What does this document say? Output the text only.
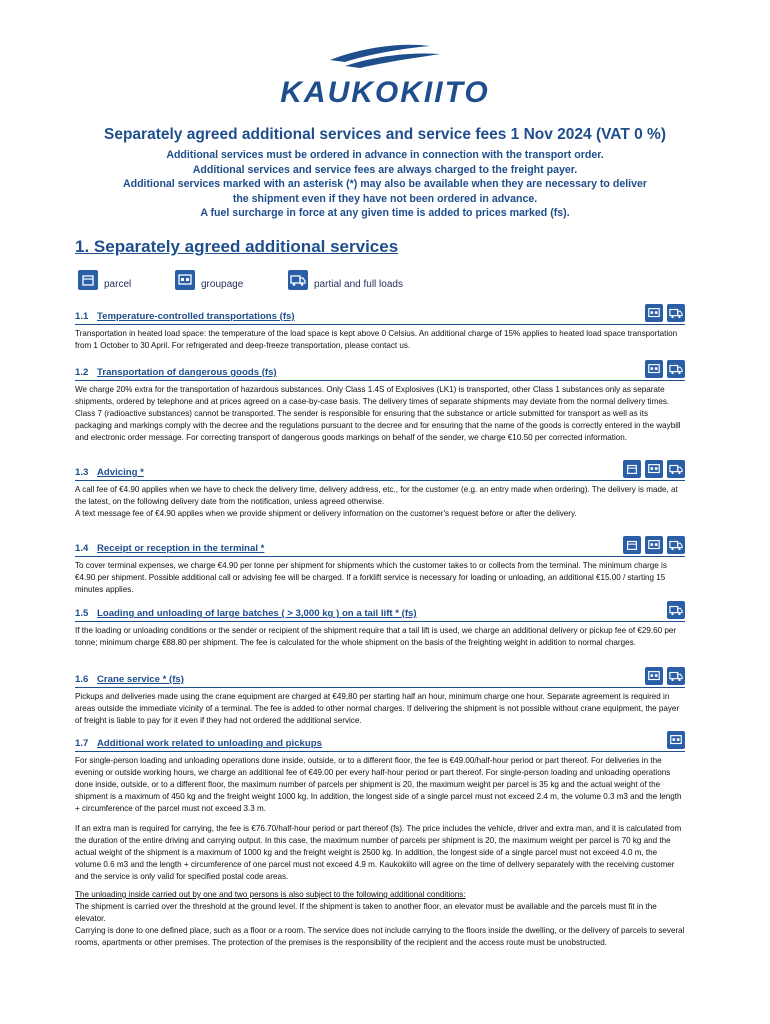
KAUKOKIITO
Separately agreed additional services and service fees 1 Nov 2024 (VAT 0 %)
Additional services must be ordered in advance in connection with the transport order.
Additional services and service fees are always charged to the freight payer.
Additional services marked with an asterisk (*) may also be available when they are necessary to deliver
the shipment even if they have not been ordered in advance.
A fuel surcharge in force at any given time is added to prices marked (fs).
1. Separately agreed additional services
parcel	groupage	partial and full loads
1.1 Temperature-controlled transportations (fs)

Transportation in heated load space: the temperature of the load space is kept above 0 Celsius. An additional charge of 15% applies to heated load space transportation from 1 October to 30 April. For refrigerated and deep-freeze transportation, please contact us.

1.2 Transportation of dangerous goods (fs)

We charge 20% extra for the transportation of hazardous substances. Only Class 1.4S of Explosives (LK1) is transported, other Class 1 substances only as separate shipments, ordered by telephone and at prices agreed on a case-by-case basis. The delivery times of separate shipments may deviate from the normal delivery times. Class 7 (radioactive substances) cannot be transported. The sender is responsible for ensuring that the substance or article submitted for transport as well as its packaging and markings comply with the decree and the regulations pursuant to the decree and for ensuring that the name of the goods is correctly entered in the waybill and electronic order message. For correcting transport of dangerous goods markings on behalf of the sender, we charge €10.50 per corrected information.

1.3 Advicing *

A call fee of €4.90 applies when we have to check the delivery time, delivery address, etc., for the customer (e.g. an entry made when ordering). The delivery is made, at the latest, on the following delivery date from the notification, unless agreed otherwise.

A text message fee of €4.90 applies when we provide shipment or delivery information on the customer's request before or after the delivery.

1.4 Receipt or reception in the terminal *

To cover terminal expenses, we charge €4.90 per tonne per shipment for shipments which the customer takes to or collects from the terminal. The minimum charge is €4.90 per shipment. Possible additional call or advising fee will be charged. If a forklift service is necessary for loading or unloading, an additional €15.00 / starting 15 minutes applies.

1.5 Loading and unloading of large batches ( > 3,000 kg ) on a tail lift * (fs)

If the loading or unloading conditions or the sender or recipient of the shipment require that a tail lift is used, we charge an additional delivery or pickup fee of €29.60 per tonne; minimum charge €88.80 per shipment. The fee is calculated for the whole shipment on the basis of the freighting weight in addition to normal charges.

1.6 Crane service * (fs)

Pickups and deliveries made using the crane equipment are charged at €49,80 per starting half an hour, minimum charge one hour. Separate agreement is required in areas outside the immediate vicinity of a terminal. The fee is added to other normal charges. If delivering the shipment is not possible without crane equipment, the payer of freight is liable to pay for it even if they had not ordered the additional service.

1.7 Additional work related to unloading and pickups

For single-person loading and unloading operations done inside, outside, or to a different floor, the fee is €49.00/half-hour period or part thereof. For deliveries in the evening or outside working hours, we charge an additional fee of €49.00 per every half-hour period or part thereof. For single-person loading and unloading operations done inside, outside, or to a different floor, the maximum number of parcels per shipment is 20, the maximum weight per parcel is 35 kg and the actual weight of the shipment is a maximum of 450 kg and the freight weight 1000 kg. In addition, the longest side of a single parcel must not exceed 2.4 m, the volume 0.3 m3 and the length + circumference of the parcel must not exceed 3.3 m.

If an extra man is required for carrying, the fee is €76.70/half-hour period or part thereof (fs). The price includes the vehicle, driver and extra man, and it is calculated from the duration of the entire driving and carrying output. In this case, the maximum number of parcels per shipment is 20, the maximum weight per parcel is 70 kg and the actual weight of the shipment is a maximum of 1000 kg and the freight weight is 2500 kg. In addition, the longest side of a single parcel must not exceed 4.0 m, the volume 0.6 m3 and the length + circumference of one parcel must not exceed 4.9 m. Kaukokiito will agree on the time of delivery separately with the receiving customer and the service is only valid for specified postal code areas.

The unloading inside carried out by one and two persons is also subject to the following additional conditions:

The shipment is carried over the threshold at the ground level. If the shipment is taken to another floor, an elevator must be available and the parcels must fit in the elevator.

Carrying is done to one defined place, such as a floor or a room. The service does not include carrying to the floors inside the dwelling, or the delivery of parcels to several rooms, apartments or other premises. The protection of the premises is the responsibility of the recipient and the access route must be unobstructed.
